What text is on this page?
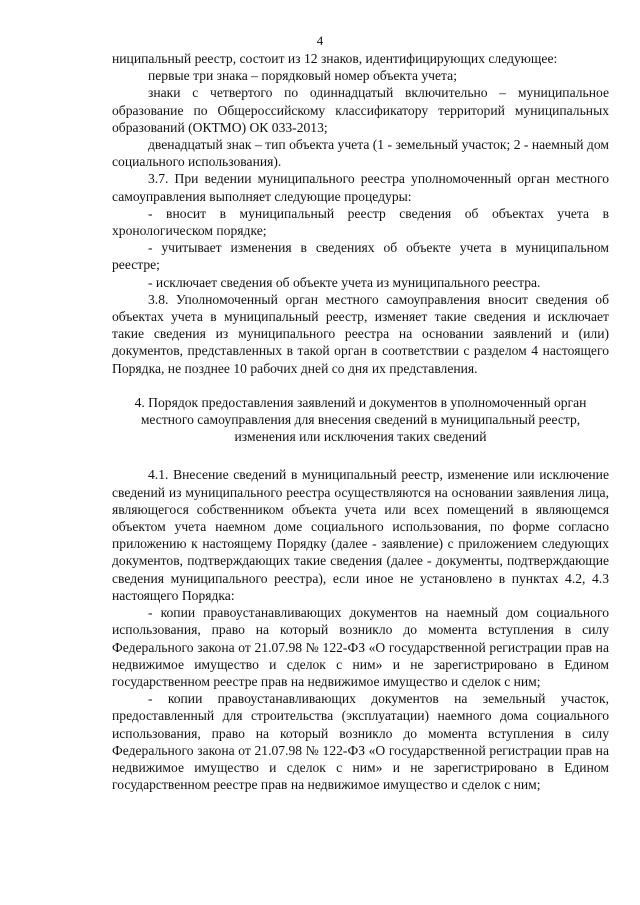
4

ниципальный реестр, состоит из 12 знаков, идентифицирующих следующее:

первые три знака – порядковый номер объекта учета;

знаки с четвертого по одиннадцатый включительно – муниципальное образование по Общероссийскому классификатору территорий муниципальных образований (ОКТМО) ОК 033-2013;

двенадцатый знак – тип объекта учета (1 - земельный участок; 2 - наемный дом социального использования).

3.7. При ведении муниципального реестра уполномоченный орган местного самоуправления выполняет следующие процедуры:

- вносит в муниципальный реестр сведения об объектах учета в хронологическом порядке;

- учитывает изменения в сведениях об объекте учета в муниципальном реестре;

- исключает сведения об объекте учета из муниципального реестра.

3.8. Уполномоченный орган местного самоуправления вносит сведения об объектах учета в муниципальный реестр, изменяет такие сведения и исключает такие сведения из муниципального реестра на основании заявлений и (или) документов, представленных в такой орган в соответствии с разделом 4 настоящего Порядка, не позднее 10 рабочих дней со дня их представления.

4. Порядок предоставления заявлений и документов в уполномоченный орган местного самоуправления для внесения сведений в муниципальный реестр, изменения или исключения таких сведений

4.1. Внесение сведений в муниципальный реестр, изменение или исключение сведений из муниципального реестра осуществляются на основании заявления лица, являющегося собственником объекта учета или всех помещений в являющемся объектом учета наемном доме социального использования, по форме согласно приложению к настоящему Порядку (далее - заявление) с приложением следующих документов, подтверждающих такие сведения (далее - документы, подтверждающие сведения муниципального реестра), если иное не установлено в пунктах 4.2, 4.3 настоящего Порядка:

- копии правоустанавливающих документов на наемный дом социального использования, право на который возникло до момента вступления в силу Федерального закона от 21.07.98 № 122-ФЗ «О государственной регистрации прав на недвижимое имущество и сделок с ним» и не зарегистрировано в Едином государственном реестре прав на недвижимое имущество и сделок с ним;

- копии правоустанавливающих документов на земельный участок, предоставленный для строительства (эксплуатации) наемного дома социального использования, право на который возникло до момента вступления в силу Федерального закона от 21.07.98 № 122-ФЗ «О государственной регистрации прав на недвижимое имущество и сделок с ним» и не зарегистрировано в Едином государственном реестре прав на недвижимое имущество и сделок с ним;
